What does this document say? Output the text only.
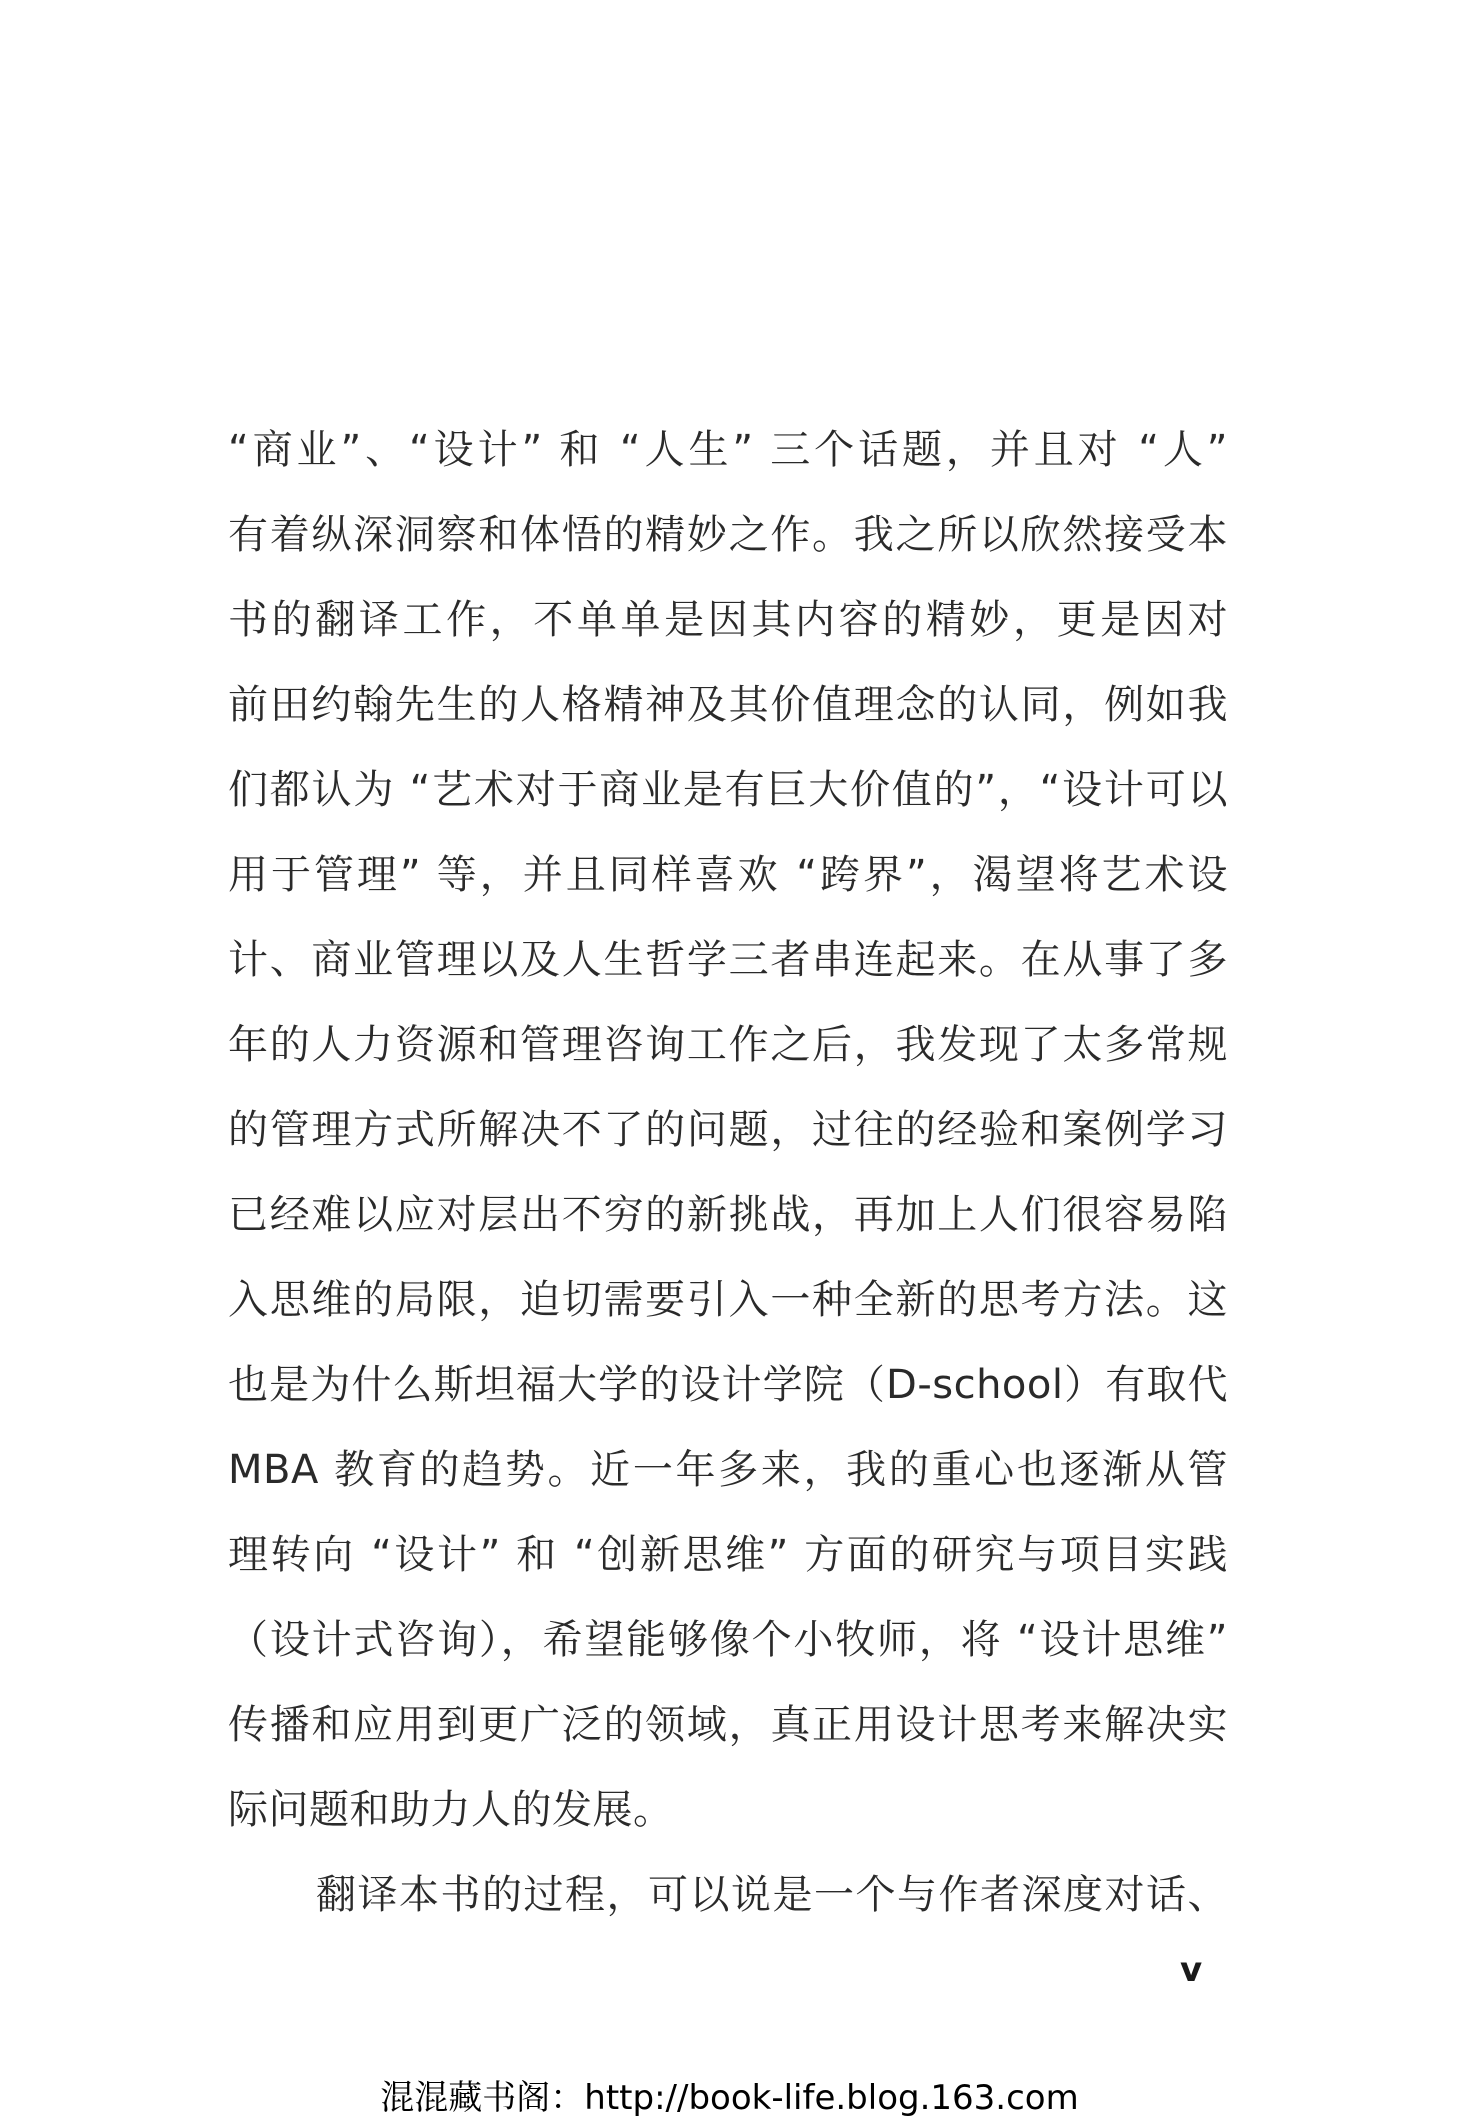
“商业”、“设计” 和 “人生” 三个话题，并且对 “人”
有着纵深洞察和体悟的精妙之作。我之所以欣然接受本
书的翻译工作，不单单是因其内容的精妙，更是因对
前田约翰先生的人格精神及其价值理念的认同，例如我
们都认为 “艺术对于商业是有巨大价值的”，“设计可以
用于管理” 等，并且同样喜欢 “跨界”，渴望将艺术设
计、商业管理以及人生哲学三者串连起来。在从事了多
年的人力资源和管理咨询工作之后，我发现了太多常规
的管理方式所解决不了的问题，过往的经验和案例学习
已经难以应对层出不穷的新挑战，再加上人们很容易陷
入思维的局限，迫切需要引入一种全新的思考方法。这
也是为什么斯坦福大学的设计学院（D-school）有取代
MBA 教育的趋势。近一年多来，我的重心也逐渐从管
理转向 “设计” 和 “创新思维” 方面的研究与项目实践
（设计式咨询），希望能够像个小牧师，将 “设计思维”
传播和应用到更广泛的领域，真正用设计思考来解决实
际问题和助力人的发展。
翻译本书的过程，可以说是一个与作者深度对话、
v
混混藏书阁：http://book-life.blog.163.com
